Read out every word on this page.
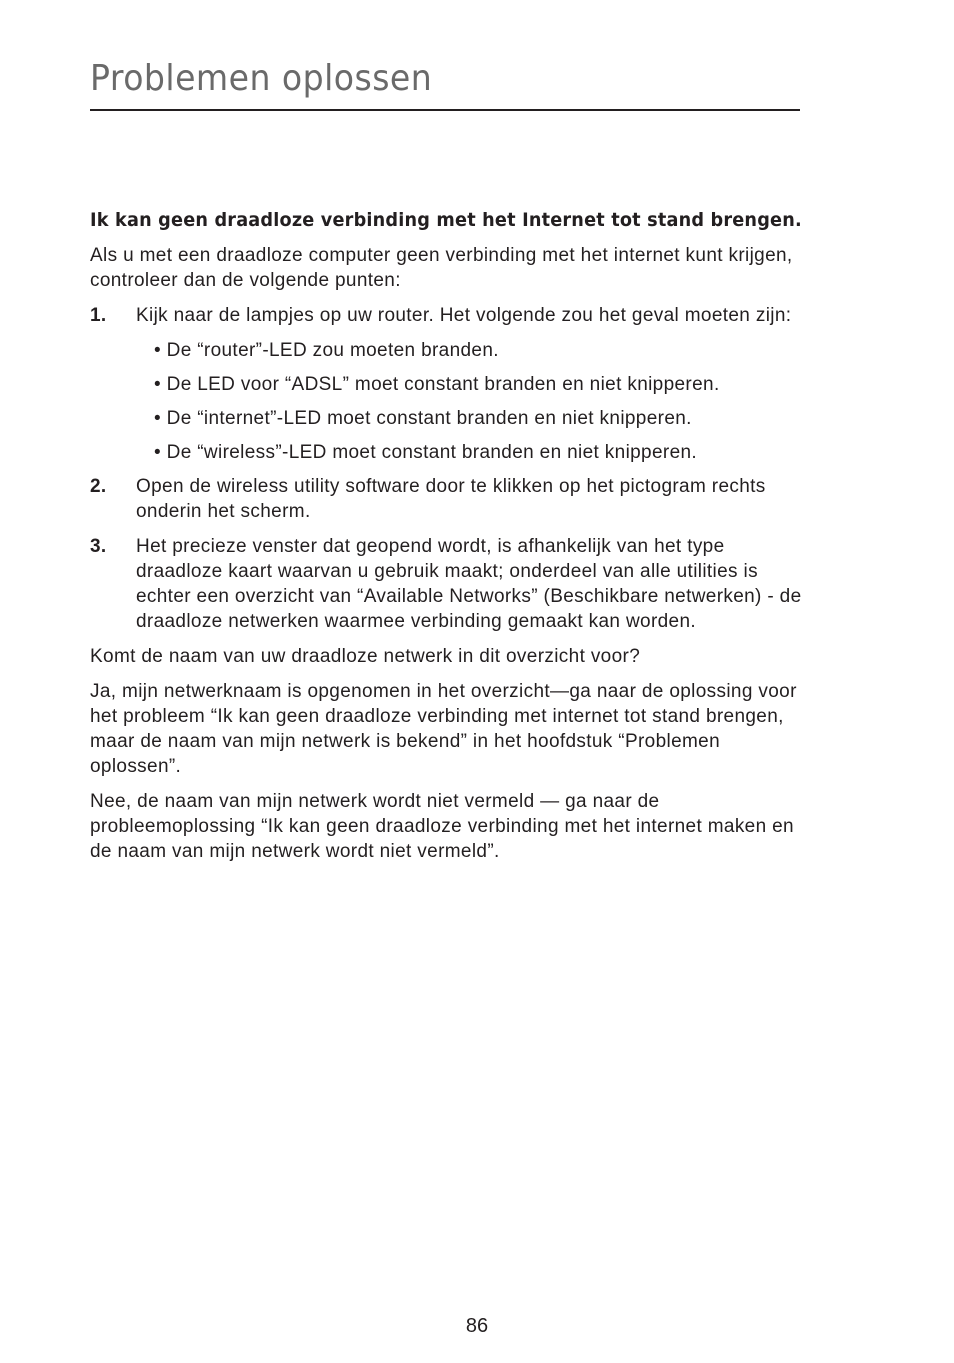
Problemen oplossen
Ik kan geen draadloze verbinding met het Internet tot stand brengen.

Als u met een draadloze computer geen verbinding met het internet kunt krijgen, controleer dan de volgende punten:

1. Kijk naar de lampjes op uw router. Het volgende zou het geval moeten zijn:
• De “router”-LED zou moeten branden.
• De LED voor “ADSL” moet constant branden en niet knipperen.
• De “internet”-LED moet constant branden en niet knipperen.
• De “wireless”-LED moet constant branden en niet knipperen.
2. Open de wireless utility software door te klikken op het pictogram rechts onderin het scherm.
3. Het precieze venster dat geopend wordt, is afhankelijk van het type draadloze kaart waarvan u gebruik maakt; onderdeel van alle utilities is echter een overzicht van “Available Networks” (Beschikbare netwerken) - de draadloze netwerken waarmee verbinding gemaakt kan worden.

Komt de naam van uw draadloze netwerk in dit overzicht voor?

Ja, mijn netwerknaam is opgenomen in het overzicht—ga naar de oplossing voor het probleem “Ik kan geen draadloze verbinding met internet tot stand brengen, maar de naam van mijn netwerk is bekend” in het hoofdstuk “Problemen oplossen”.

Nee, de naam van mijn netwerk wordt niet vermeld — ga naar de probleemoplossing “Ik kan geen draadloze verbinding met het internet maken en de naam van mijn netwerk wordt niet vermeld”.

86
